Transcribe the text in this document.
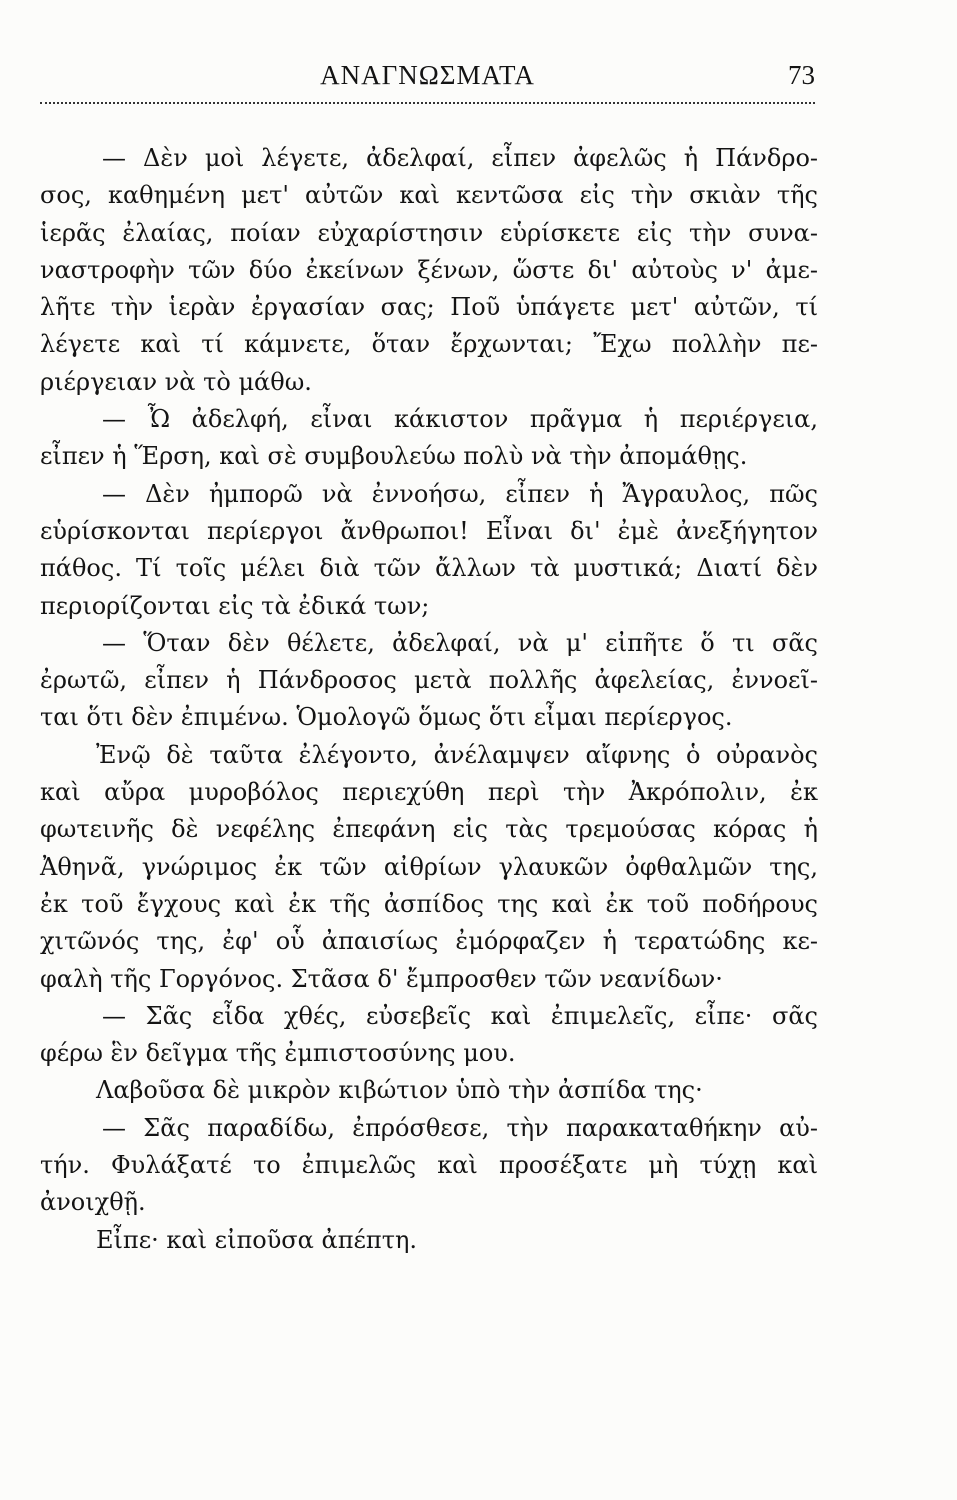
ΑΝΑΓΝΩΣΜΑΤΑ	73
— Δὲν μοὶ λέγετε, ἀδελφαί, εἶπεν ἀφελῶς ἡ Πάνδρο-
σος, καθημένη μετ' αὐτῶν καὶ κεντῶσα εἰς τὴν σκιὰν τῆς
ἱερᾶς ἐλαίας, ποίαν εὐχαρίστησιν εὑρίσκετε εἰς τὴν συνα-
ναστροφὴν τῶν δύο ἐκείνων ξένων, ὥστε δι' αὐτοὺς ν' ἀμε-
λῆτε τὴν ἱερὰν ἐργασίαν σας; Ποῦ ὑπάγετε μετ' αὐτῶν, τί
λέγετε καὶ τί κάμνετε, ὅταν ἔρχωνται; Ἔχω πολλὴν πε-
ριέργειαν νὰ τὸ μάθω.
— Ὦ ἀδελφή, εἶναι κάκιστον πρᾶγμα ἡ περιέργεια,
εἶπεν ἡ Ἕρση, καὶ σὲ συμβουλεύω πολὺ νὰ τὴν ἀπομάθῃς.
— Δὲν ἠμπορῶ νὰ ἐννοήσω, εἶπεν ἡ Ἄγραυλος, πῶς
εὑρίσκονται περίεργοι ἄνθρωποι! Εἶναι δι' ἐμὲ ἀνεξήγητον
πάθος. Τί τοῖς μέλει διὰ τῶν ἄλλων τὰ μυστικά; Διατί δὲν
περιορίζονται εἰς τὰ ἐδικά των;
— Ὅταν δὲν θέλετε, ἀδελφαί, νὰ μ' εἰπῆτε ὅ τι σᾶς
ἐρωτῶ, εἶπεν ἡ Πάνδροσος μετὰ πολλῆς ἀφελείας, ἐννοεῖ-
ται ὅτι δὲν ἐπιμένω. Ὁμολογῶ ὅμως ὅτι εἶμαι περίεργος.
Ἐνῷ δὲ ταῦτα ἐλέγοντο, ἀνέλαμψεν αἴφνης ὁ οὐρανὸς
καὶ αὔρα μυροβόλος περιεχύθη περὶ τὴν Ἀκρόπολιν, ἐκ
φωτεινῆς δὲ νεφέλης ἐπεφάνη εἰς τὰς τρεμούσας κόρας ἡ
Ἀθηνᾶ, γνώριμος ἐκ τῶν αἰθρίων γλαυκῶν ὀφθαλμῶν της,
ἐκ τοῦ ἔγχους καὶ ἐκ τῆς ἀσπίδος της καὶ ἐκ τοῦ ποδήρους
χιτῶνός της, ἐφ' οὗ ἀπαισίως ἐμόρφαζεν ἡ τερατώδης κε-
φαλὴ τῆς Γοργόνος. Στᾶσα δ' ἔμπροσθεν τῶν νεανίδων·
— Σᾶς εἶδα χθές, εὐσεβεῖς καὶ ἐπιμελεῖς, εἶπε· σᾶς
φέρω ἓν δεῖγμα τῆς ἐμπιστοσύνης μου.
Λαβοῦσα δὲ μικρὸν κιβώτιον ὑπὸ τὴν ἀσπίδα της·
— Σᾶς παραδίδω, ἐπρόσθεσε, τὴν παρακαταθήκην αὐ-
τήν. Φυλάξατέ το ἐπιμελῶς καὶ προσέξατε μὴ τύχῃ καὶ
ἀνοιχθῇ.
Εἶπε· καὶ εἰποῦσα ἀπέπτη.
